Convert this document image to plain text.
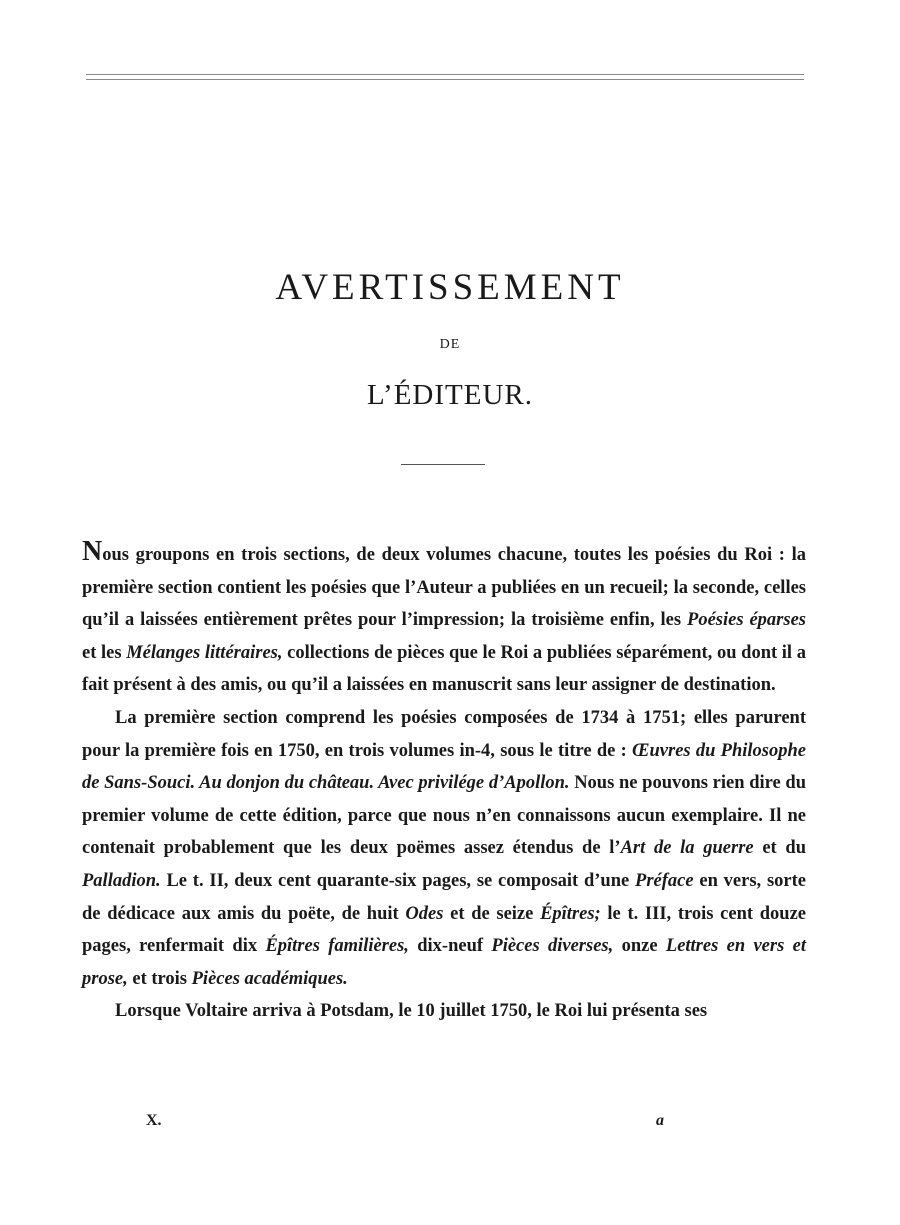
AVERTISSEMENT
DE
L’ÉDITEUR.

Nous groupons en trois sections, de deux volumes chacune, toutes les poésies du Roi : la première section contient les poésies que l’Auteur a publiées en un recueil; la seconde, celles qu’il a laissées entièrement prêtes pour l’impression; la troisième enfin, les Poésies éparses et les Mélanges littéraires, collections de pièces que le Roi a publiées séparément, ou dont il a fait présent à des amis, ou qu’il a laissées en manuscrit sans leur assigner de destination.

La première section comprend les poésies composées de 1734 à 1751; elles parurent pour la première fois en 1750, en trois volumes in-4, sous le titre de : Œuvres du Philosophe de Sans-Souci. Au donjon du château. Avec privilége d’Apollon. Nous ne pouvons rien dire du premier volume de cette édition, parce que nous n’en connaissons aucun exemplaire. Il ne contenait probablement que les deux poëmes assez étendus de l’Art de la guerre et du Palladion. Le t. II, deux cent quarante-six pages, se composait d’une Préface en vers, sorte de dédicace aux amis du poëte, de huit Odes et de seize Épîtres; le t. III, trois cent douze pages, renfermait dix Épîtres familières, dix-neuf Pièces diverses, onze Lettres en vers et prose, et trois Pièces académiques.

Lorsque Voltaire arriva à Potsdam, le 10 juillet 1750, le Roi lui présenta ses

X.	a
